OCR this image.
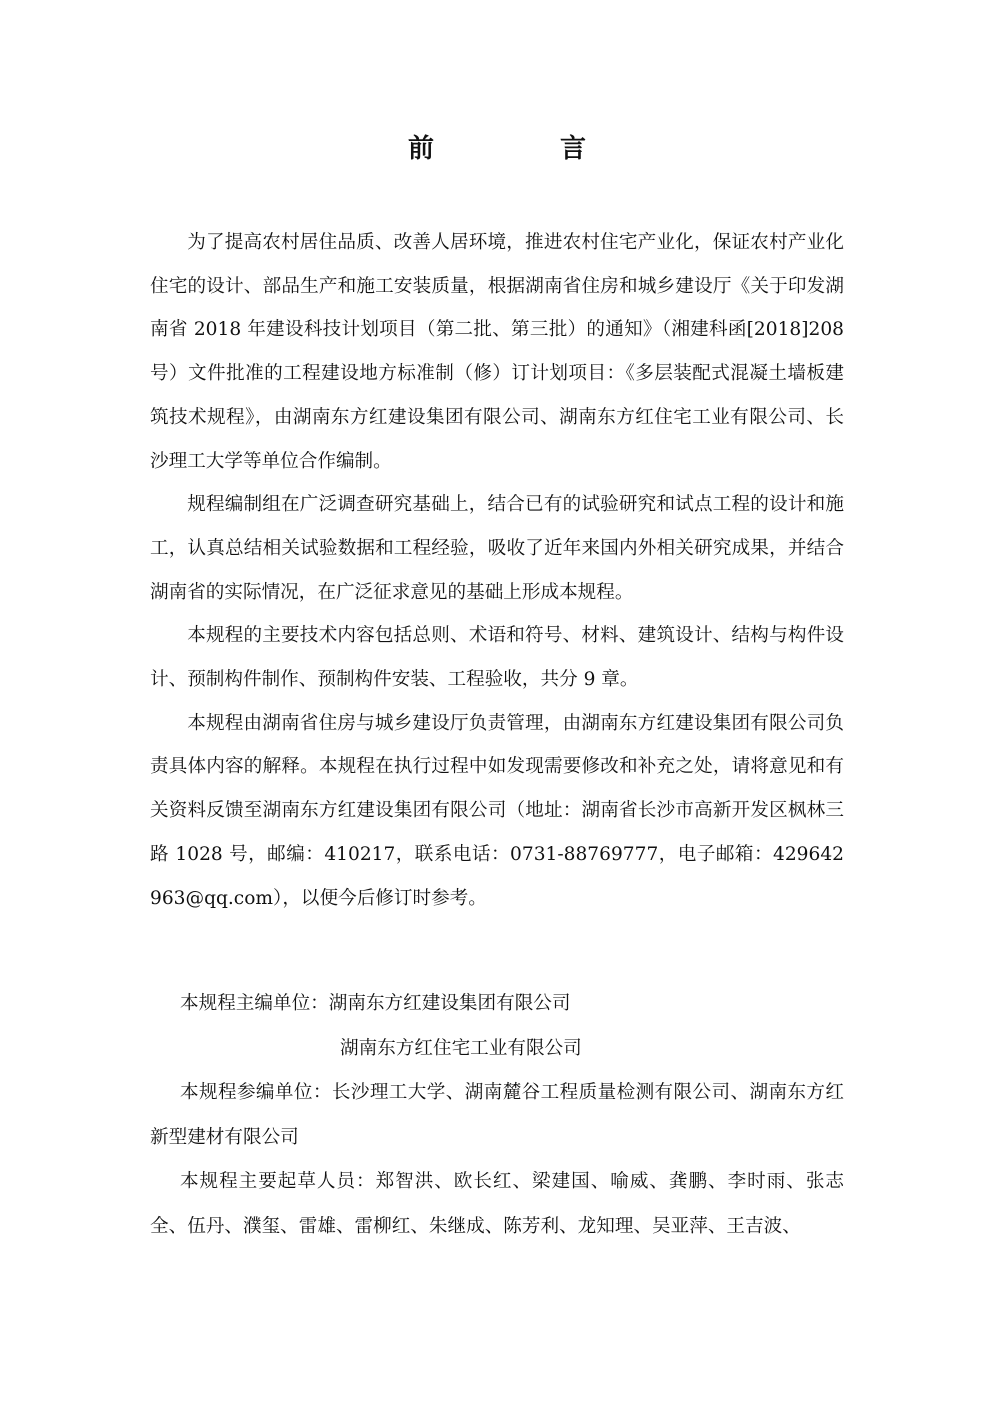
前	言

为了提高农村居住品质、改善人居环境，推进农村住宅产业化，保证农村产业化住宅的设计、部品生产和施工安装质量，根据湖南省住房和城乡建设厅《关于印发湖南省 2018 年建设科技计划项目（第二批、第三批）的通知》（湘建科函[2018]208 号）文件批准的工程建设地方标准制（修）订计划项目：《多层装配式混凝土墙板建筑技术规程》，由湖南东方红建设集团有限公司、湖南东方红住宅工业有限公司、长沙理工大学等单位合作编制。

规程编制组在广泛调查研究基础上，结合已有的试验研究和试点工程的设计和施工，认真总结相关试验数据和工程经验，吸收了近年来国内外相关研究成果，并结合湖南省的实际情况，在广泛征求意见的基础上形成本规程。

本规程的主要技术内容包括总则、术语和符号、材料、建筑设计、结构与构件设计、预制构件制作、预制构件安装、工程验收，共分 9 章。

本规程由湖南省住房与城乡建设厅负责管理，由湖南东方红建设集团有限公司负责具体内容的解释。本规程在执行过程中如发现需要修改和补充之处，请将意见和有关资料反馈至湖南东方红建设集团有限公司（地址：湖南省长沙市高新开发区枫林三路 1028 号，邮编：410217，联系电话：0731-88769777，电子邮箱：429642963@qq.com），以便今后修订时参考。

本规程主编单位：湖南东方红建设集团有限公司
湖南东方红住宅工业有限公司
本规程参编单位：长沙理工大学、湖南麓谷工程质量检测有限公司、湖南东方红新型建材有限公司
本规程主要起草人员：郑智洪、欧长红、梁建国、喻威、龚鹏、李时雨、张志全、伍丹、濮玺、雷雄、雷柳红、朱继成、陈芳利、龙知理、吴亚萍、王吉波、
